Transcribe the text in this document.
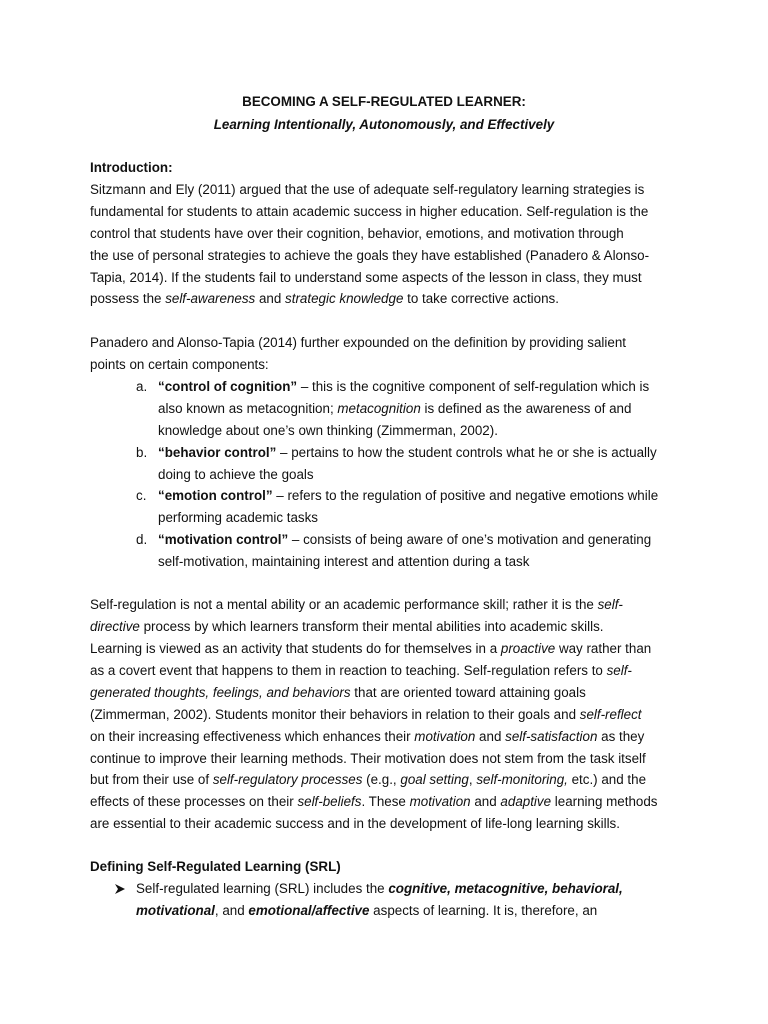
BECOMING A SELF-REGULATED LEARNER:
Learning Intentionally, Autonomously, and Effectively
Introduction:
Sitzmann and Ely (2011) argued that the use of adequate self-regulatory learning strategies is
fundamental for students to attain academic success in higher education. Self-regulation is the
control that students have over their cognition, behavior, emotions, and motivation through
the use of personal strategies to achieve the goals they have established (Panadero & Alonso-
Tapia, 2014). If the students fail to understand some aspects of the lesson in class, they must
possess the self-awareness and strategic knowledge to take corrective actions.
Panadero and Alonso-Tapia (2014) further expounded on the definition by providing salient
points on certain components:
a. “control of cognition” – this is the cognitive component of self-regulation which is
also known as metacognition; metacognition is defined as the awareness of and
knowledge about one’s own thinking (Zimmerman, 2002).
b. “behavior control” – pertains to how the student controls what he or she is actually
doing to achieve the goals
c. “emotion control” – refers to the regulation of positive and negative emotions while
performing academic tasks
d. “motivation control” – consists of being aware of one’s motivation and generating
self-motivation, maintaining interest and attention during a task
Self-regulation is not a mental ability or an academic performance skill; rather it is the self-
directive process by which learners transform their mental abilities into academic skills.
Learning is viewed as an activity that students do for themselves in a proactive way rather than
as a covert event that happens to them in reaction to teaching. Self-regulation refers to self-
generated thoughts, feelings, and behaviors that are oriented toward attaining goals
(Zimmerman, 2002). Students monitor their behaviors in relation to their goals and self-reflect
on their increasing effectiveness which enhances their motivation and self-satisfaction as they
continue to improve their learning methods. Their motivation does not stem from the task itself
but from their use of self-regulatory processes (e.g., goal setting, self-monitoring, etc.) and the
effects of these processes on their self-beliefs. These motivation and adaptive learning methods
are essential to their academic success and in the development of life-long learning skills.
Defining Self-Regulated Learning (SRL)
Self-regulated learning (SRL) includes the cognitive, metacognitive, behavioral,
motivational, and emotional/affective aspects of learning. It is, therefore, an
